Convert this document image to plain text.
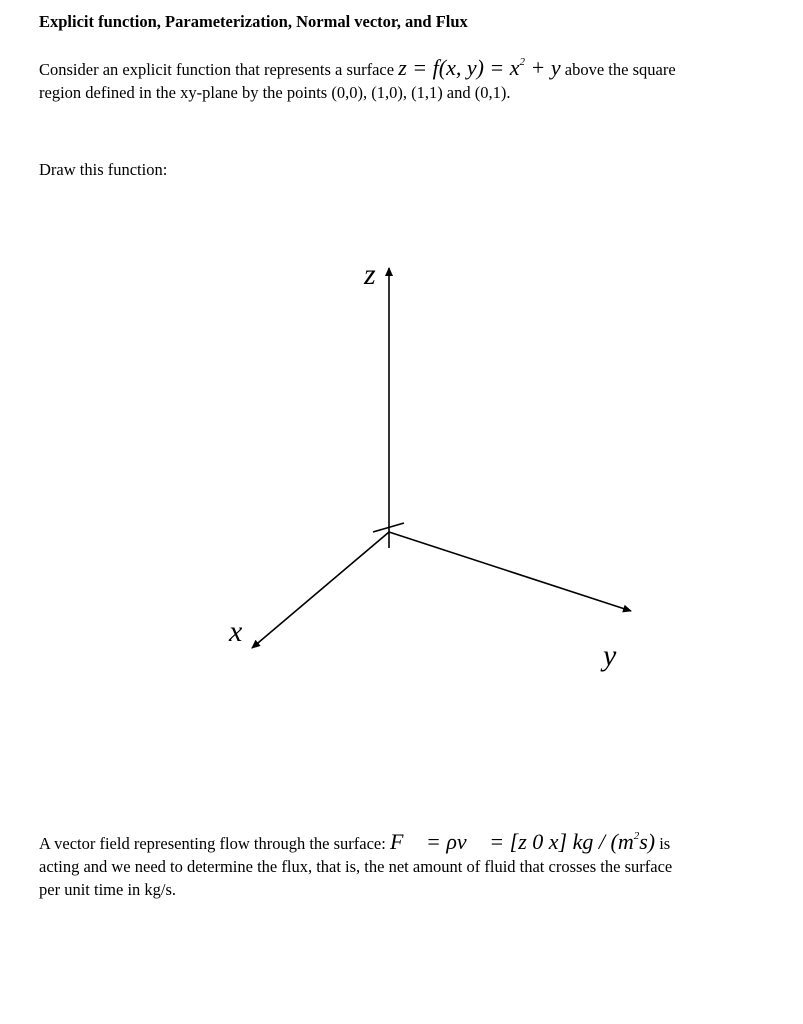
Explicit function, Parameterization, Normal vector, and Flux
Consider an explicit function that represents a surface z = f(x, $y) = x^2 + y$ above the square
region defined in the xy-plane by the points (0,0), (1,0), (1,1) and (0,1).
Draw this function:
z
x
y
A vector field representing flow through the surface: F⃗ = ρv⃗ = [z 0 x] kg / $(m^2s)$ is
acting and we need to determine the flux, that is, the net amount of fluid that crosses the surface
per unit time in kg/s.
